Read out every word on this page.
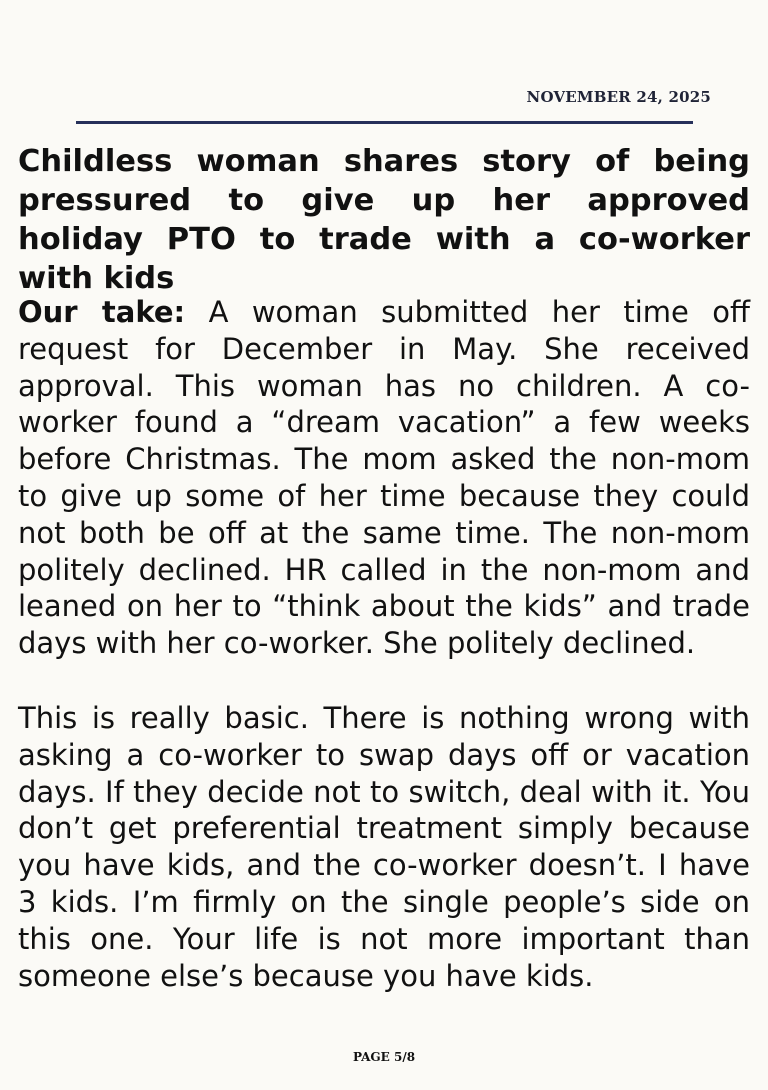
NOVEMBER 24, 2025
Childless woman shares story of being pressured to give up her approved holiday PTO to trade with a co-worker with kids

Our take: A woman submitted her time off request for December in May. She received approval. This woman has no children. A co-worker found a “dream vacation” a few weeks before Christmas. The mom asked the non-mom to give up some of her time because they could not both be off at the same time. The non-mom politely declined. HR called in the non-mom and leaned on her to “think about the kids” and trade days with her co-worker. She politely declined.

This is really basic. There is nothing wrong with asking a co-worker to swap days off or vacation days. If they decide not to switch, deal with it. You don’t get preferential treatment simply because you have kids, and the co-worker doesn’t. I have 3 kids. I’m firmly on the single people’s side on this one. Your life is not more important than someone else’s because you have kids.

PAGE 5/8
